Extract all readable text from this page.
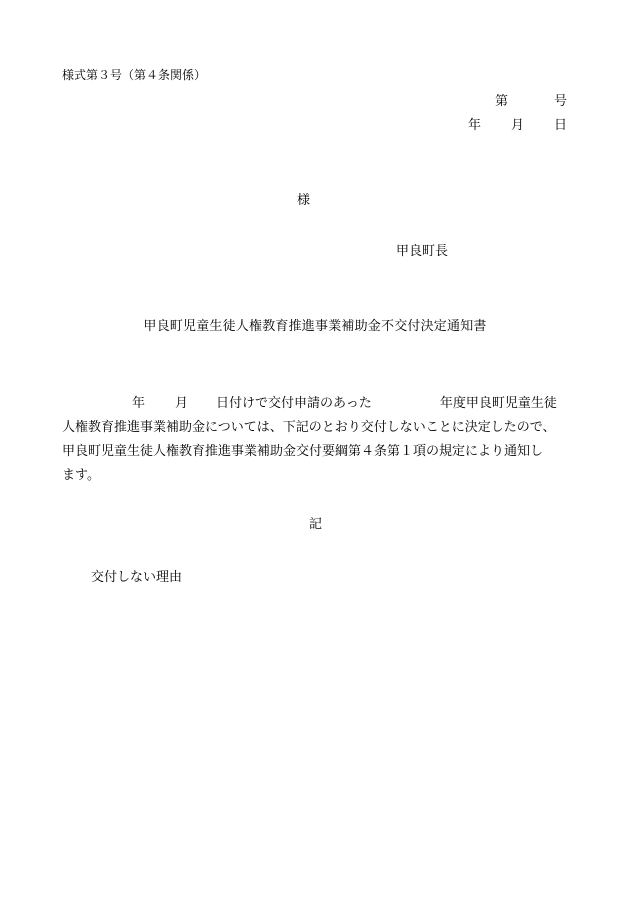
様式第３号（第４条関係）
第	号
年 月 日
様
甲良町長
甲良町児童生徒人権教育推進事業補助金不交付決定通知書
年 月 日付けで交付申請のあった	年度甲良町児童生徒
人権教育推進事業補助金については、下記のとおり交付しないことに決定したので、
甲良町児童生徒人権教育推進事業補助金交付要綱第４条第１項の規定により通知し
ます。
記
交付しない理由
